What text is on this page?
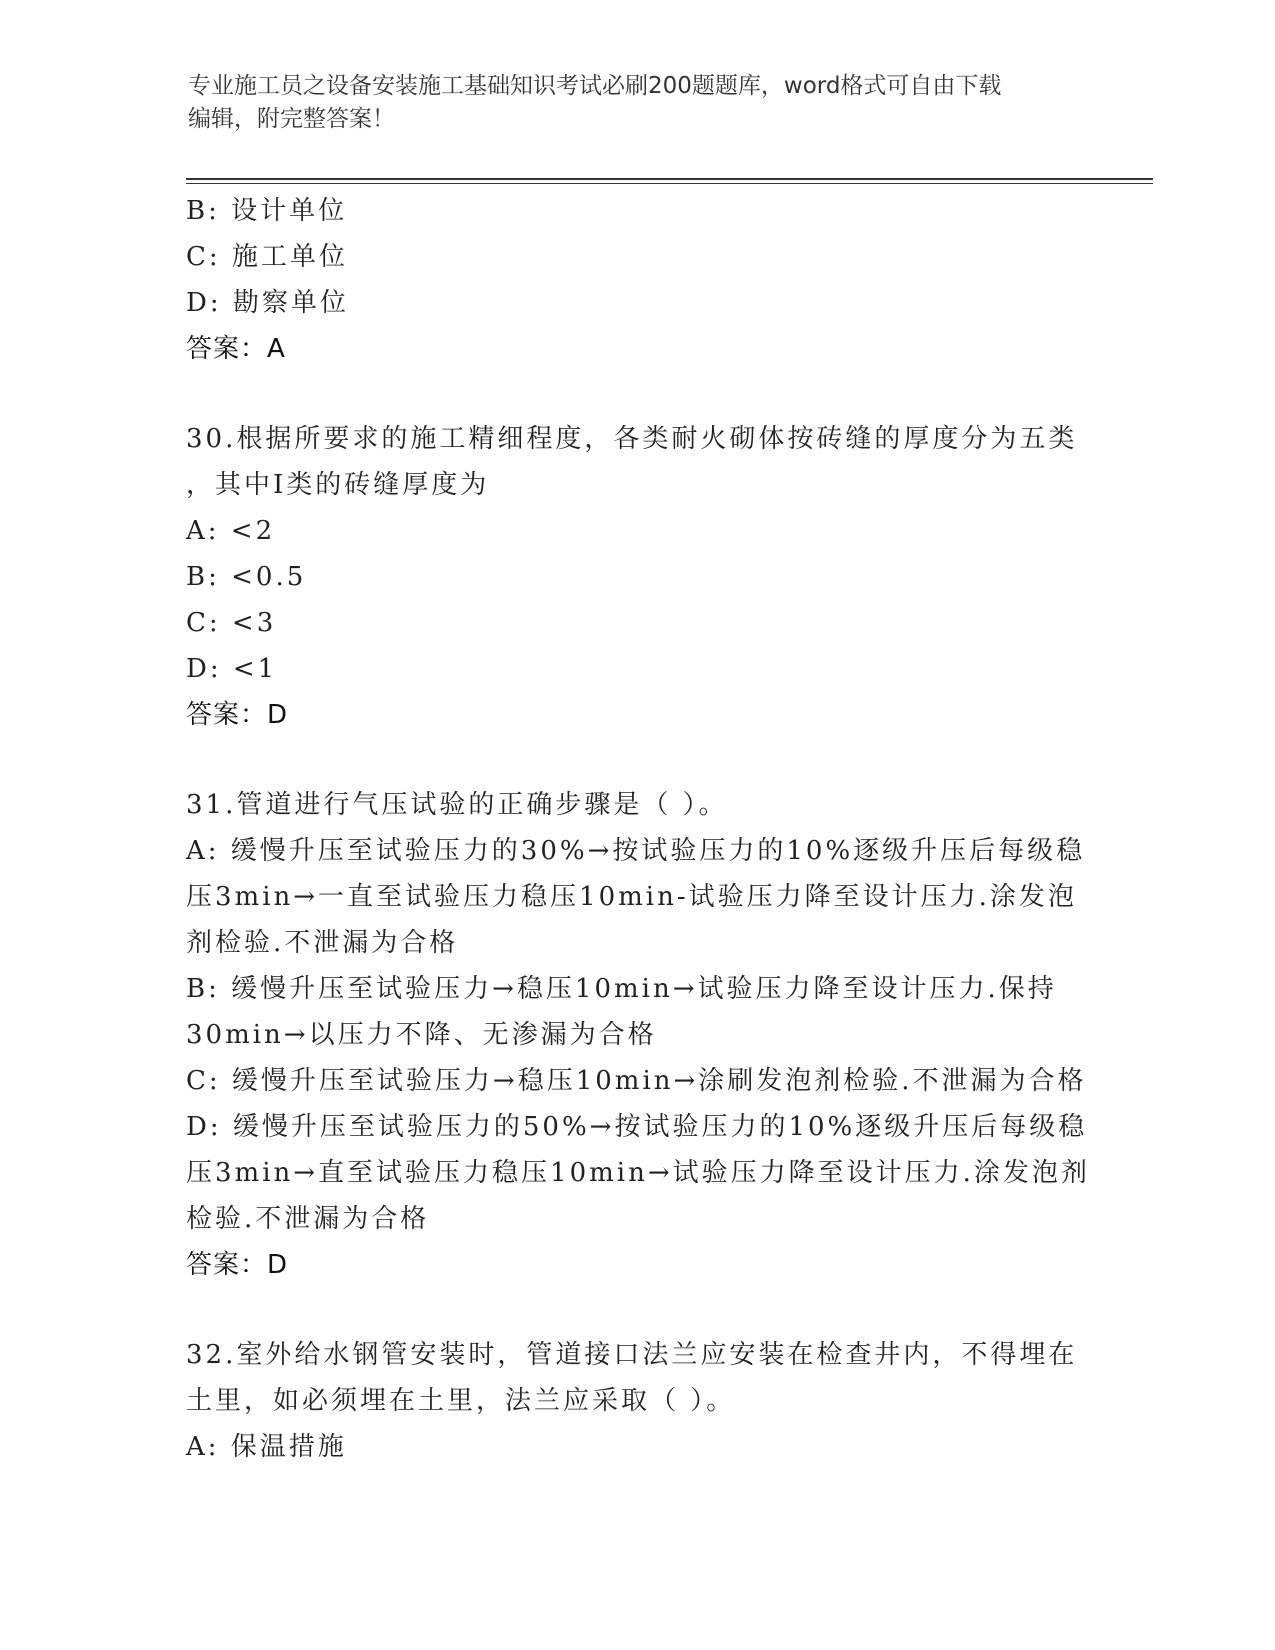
专业施工员之设备安装施工基础知识考试必刷200题题库，word格式可自由下载
编辑，附完整答案！
B: 设计单位
C: 施工单位
D: 勘察单位
答案：A
30.根据所要求的施工精细程度，各类耐火砌体按砖缝的厚度分为五类
，其中Ⅰ类的砖缝厚度为
A: <2
B: <0.5
C: <3
D: <1
答案：D
31.管道进行气压试验的正确步骤是（ ）。
A: 缓慢升压至试验压力的30%→按试验压力的10%逐级升压后每级稳
压3min→一直至试验压力稳压10min-试验压力降至设计压力.涂发泡
剂检验.不泄漏为合格
B: 缓慢升压至试验压力→稳压10min→试验压力降至设计压力.保持
30min→以压力不降、无渗漏为合格
C: 缓慢升压至试验压力→稳压10min→涂刷发泡剂检验.不泄漏为合格
D: 缓慢升压至试验压力的50%→按试验压力的10%逐级升压后每级稳
压3min→直至试验压力稳压10min→试验压力降至设计压力.涂发泡剂
检验.不泄漏为合格
答案：D
32.室外给水钢管安装时，管道接口法兰应安装在检查井内，不得埋在
土里，如必须埋在土里，法兰应采取（ ）。
A: 保温措施
